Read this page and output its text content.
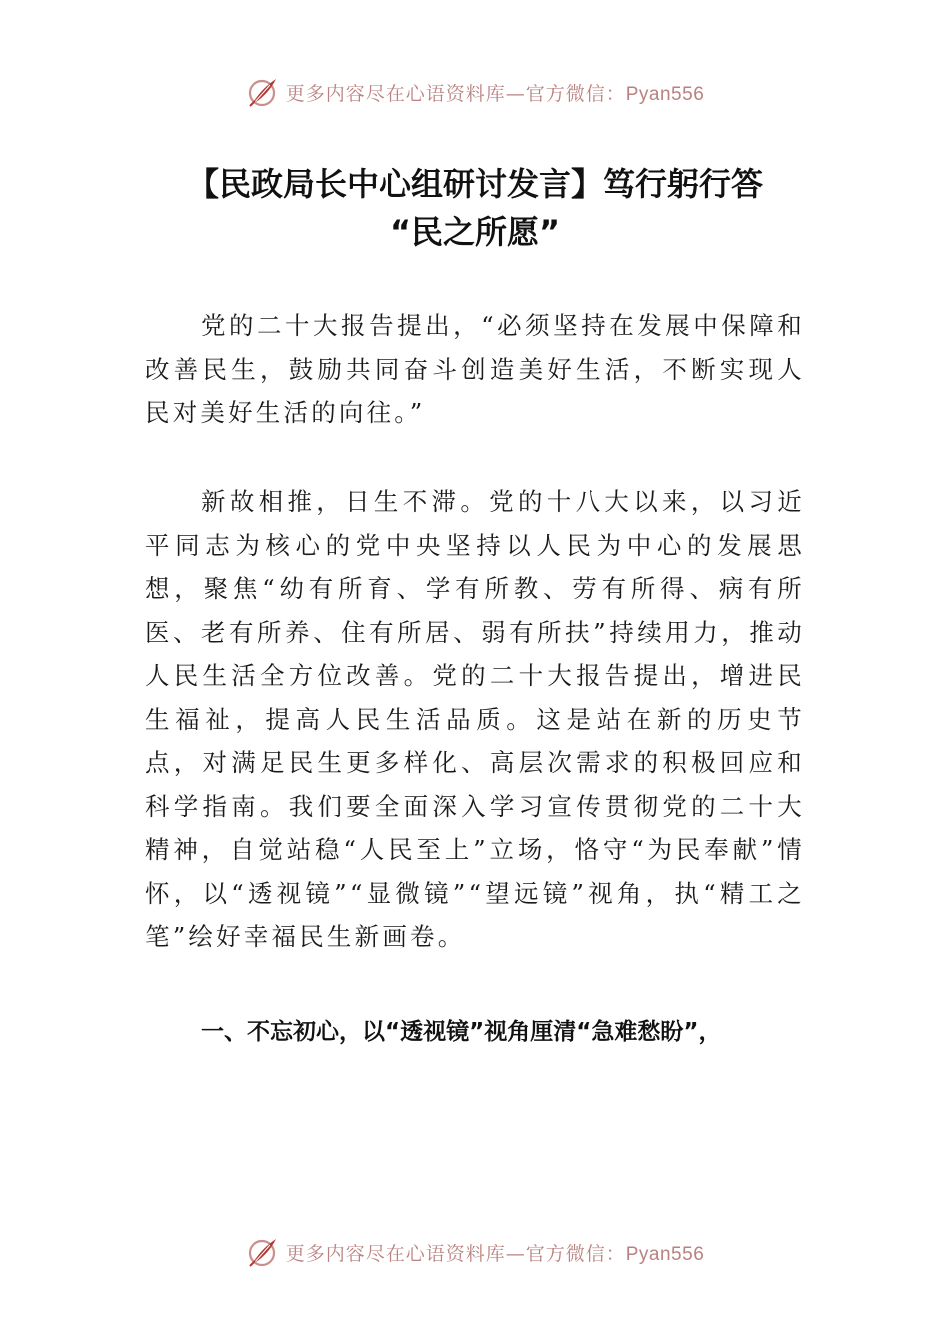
更多内容尽在心语资料库—官方微信：Pyan556
【民政局长中心组研讨发言】笃行躬行答
“民之所愿”

党的二十大报告提出，“必须坚持在发展中保障和改善民生，鼓励共同奋斗创造美好生活，不断实现人民对美好生活的向往。”

新故相推，日生不滞。党的十八大以来，以习近平同志为核心的党中央坚持以人民为中心的发展思想，聚焦“幼有所育、学有所教、劳有所得、病有所医、老有所养、住有所居、弱有所扶”持续用力，推动人民生活全方位改善。党的二十大报告提出，增进民生福祉，提高人民生活品质。这是站在新的历史节点，对满足民生更多样化、高层次需求的积极回应和科学指南。我们要全面深入学习宣传贯彻党的二十大精神，自觉站稳“人民至上”立场，恪守“为民奉献”情怀，以“透视镜”“显微镜”“望远镜”视角，执“精工之笔”绘好幸福民生新画卷。

一、不忘初心，以“透视镜”视角厘清“急难愁盼”，

更多内容尽在心语资料库—官方微信：Pyan556
